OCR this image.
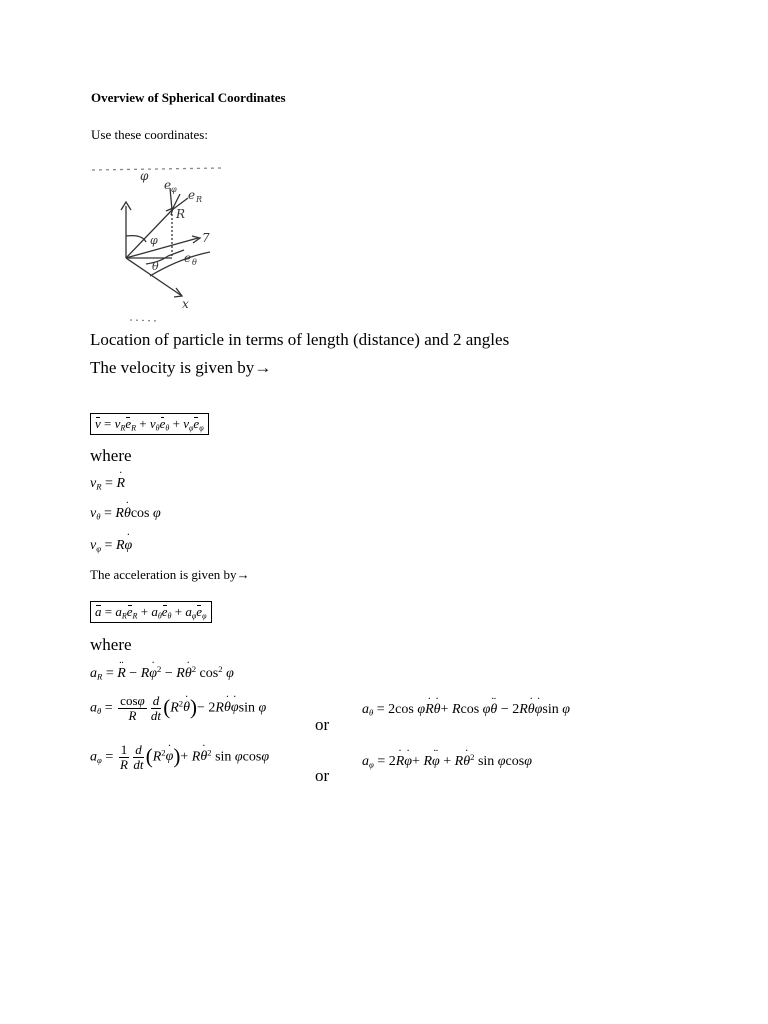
Overview of Spherical Coordinates
Use these coordinates:
φ
e φ e R
R
φ
θ
e θ
7
x
Location of particle in terms of length (distance) and 2 angles
The velocity is given by→
$v = v_Re_R + v_\theta e_\theta + v_\varphi e_\varphi$
where
$v_R$ = ˙ R
$v_\theta$ = R˙ θcos φ
$v_\varphi$ = R˙ φ
The acceleration is given by→
$a = a_Re_R + a_\theta e_\theta + a_\varphi e_\varphi$
where
$a_R$ = ¨ R − R˙ $\varphi^2$ − R˙ $\theta^2$ $\cos^2 \varphi$
$a_\theta = \frac{\cos\varphi}{R} \frac{d}{dt}$ ($R^2˙$ θ)− 2R˙ θ˙ φsin φ	$a_\theta = 2\cos$ φ˙ R˙ θ+ Rcos φ¨ θ − 2R˙ θ˙ φsin φ
or
$a_\varphi = \frac{1}{R} \frac{d}{dt}$ ($R^2˙$ φ)+ R˙ $\theta^2$ sin φcosφ	$a_\varphi$ = 2˙ R˙ φ+ R¨ φ + R˙ $\theta^2$ sin φcosφ
or
